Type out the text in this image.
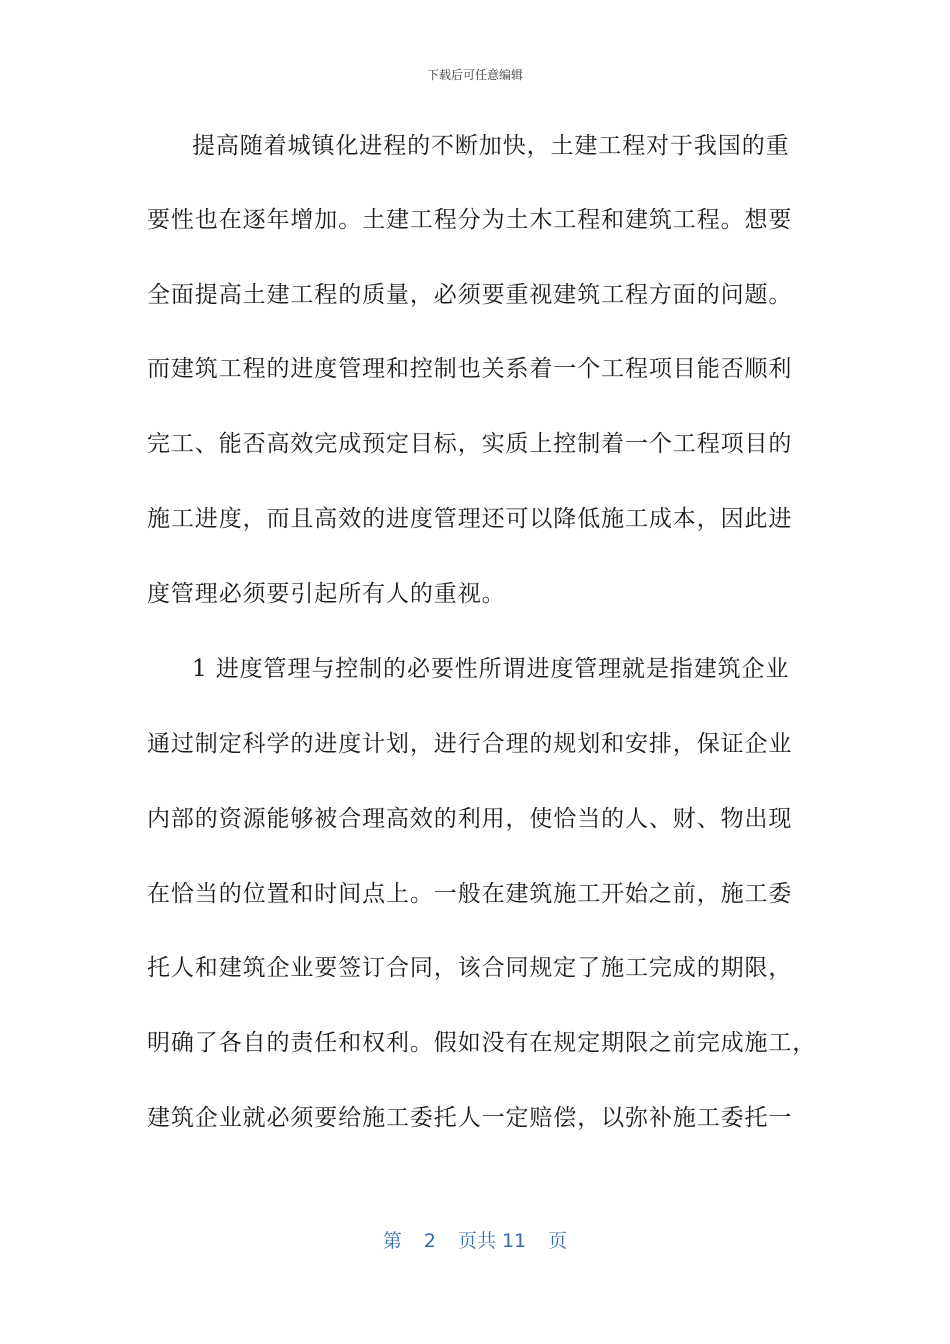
下载后可任意编辑
提高随着城镇化进程的不断加快，土建工程对于我国的重
要性也在逐年增加。土建工程分为土木工程和建筑工程。想要
全面提高土建工程的质量，必须要重视建筑工程方面的问题。
而建筑工程的进度管理和控制也关系着一个工程项目能否顺利
完工、能否高效完成预定目标，实质上控制着一个工程项目的
施工进度，而且高效的进度管理还可以降低施工成本，因此进
度管理必须要引起所有人的重视。
1 进度管理与控制的必要性所谓进度管理就是指建筑企业
通过制定科学的进度计划，进行合理的规划和安排，保证企业
内部的资源能够被合理高效的利用，使恰当的人、财、物出现
在恰当的位置和时间点上。一般在建筑施工开始之前，施工委
托人和建筑企业要签订合同，该合同规定了施工完成的期限，
明确了各自的责任和权利。假如没有在规定期限之前完成施工，
建筑企业就必须要给施工委托人一定赔偿，以弥补施工委托一
第 2 页共 11 页
